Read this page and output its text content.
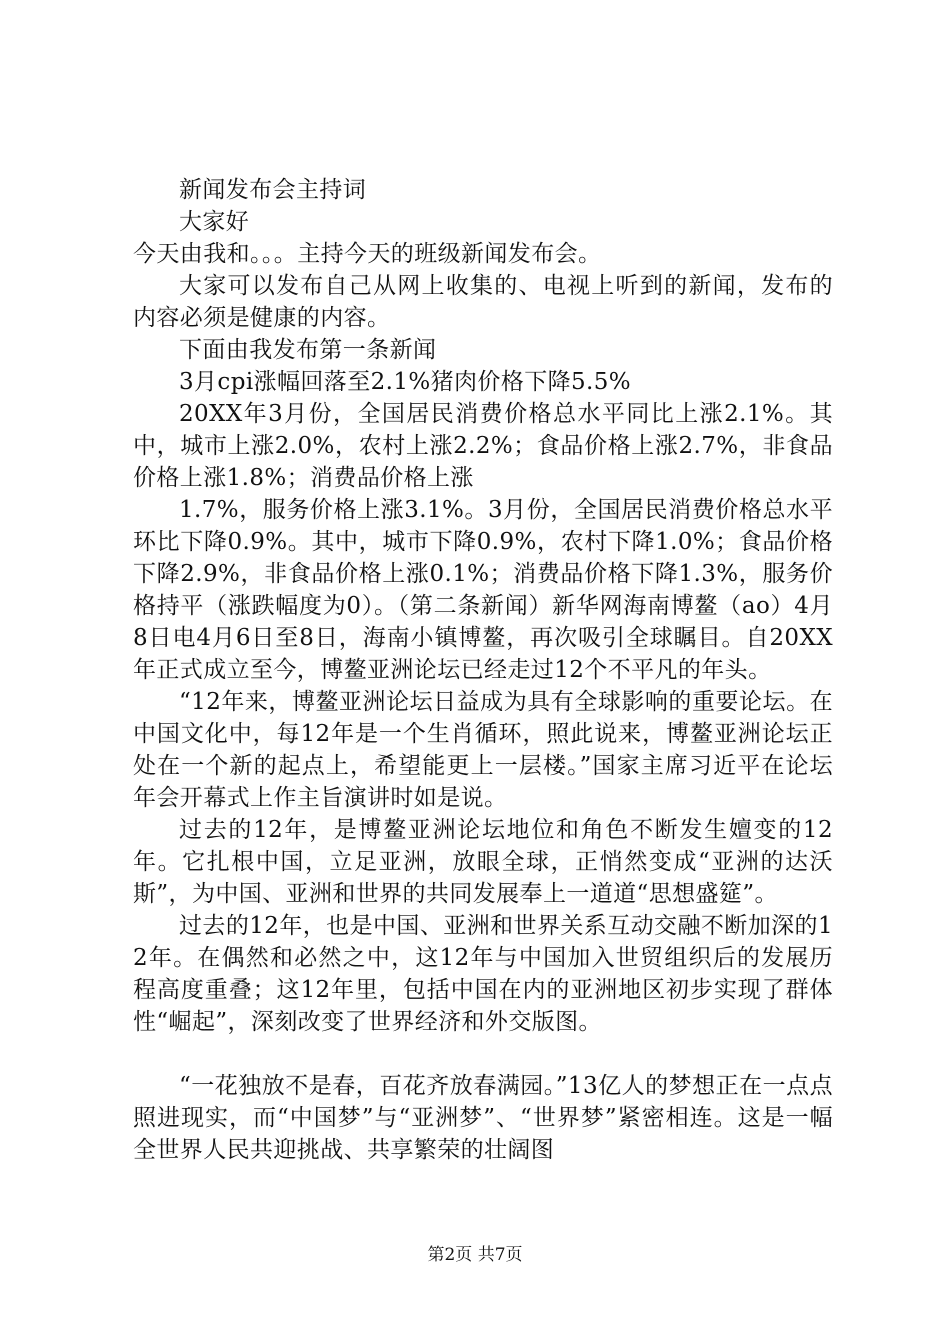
新闻发布会主持词

大家好

今天由我和。。。主持今天的班级新闻发布会。

大家可以发布自己从网上收集的、电视上听到的新闻，发布的内容必须是健康的内容。

下面由我发布第一条新闻

3月cpi涨幅回落至2.1%猪肉价格下降5.5%

20XX年3月份，全国居民消费价格总水平同比上涨2.1%。其中，城市上涨2.0%，农村上涨2.2%；食品价格上涨2.7%，非食品价格上涨1.8%；消费品价格上涨

1.7%，服务价格上涨3.1%。3月份，全国居民消费价格总水平环比下降0.9%。其中，城市下降0.9%，农村下降1.0%；食品价格下降2.9%，非食品价格上涨0.1%；消费品价格下降1.3%，服务价格持平（涨跌幅度为0）。（第二条新闻）新华网海南博鳌（ao）4月8日电4月6日至8日，海南小镇博鳌，再次吸引全球瞩目。自20XX年正式成立至今，博鳌亚洲论坛已经走过12个不平凡的年头。

“12年来，博鳌亚洲论坛日益成为具有全球影响的重要论坛。在中国文化中，每12年是一个生肖循环，照此说来，博鳌亚洲论坛正处在一个新的起点上，希望能更上一层楼。”国家主席习近平在论坛年会开幕式上作主旨演讲时如是说。

过去的12年，是博鳌亚洲论坛地位和角色不断发生嬗变的12年。它扎根中国，立足亚洲，放眼全球，正悄然变成“亚洲的达沃斯”，为中国、亚洲和世界的共同发展奉上一道道“思想盛筵”。

过去的12年，也是中国、亚洲和世界关系互动交融不断加深的12年。在偶然和必然之中，这12年与中国加入世贸组织后的发展历程高度重叠；这12年里，包括中国在内的亚洲地区初步实现了群体性“崛起”，深刻改变了世界经济和外交版图。

“一花独放不是春，百花齐放春满园。”13亿人的梦想正在一点点照进现实，而“中国梦”与“亚洲梦”、“世界梦”紧密相连。这是一幅全世界人民共迎挑战、共享繁荣的壮阔图

第2页 共7页
